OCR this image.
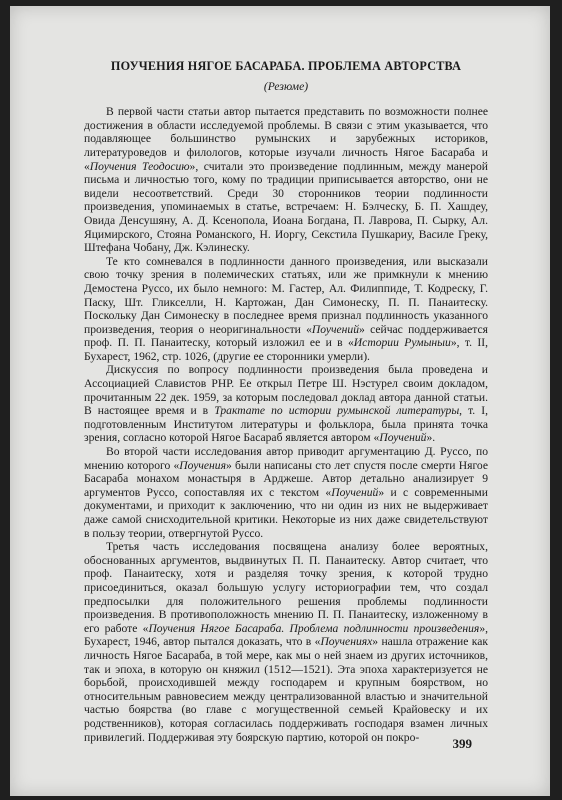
ПОУЧЕНИЯ НЯГОЕ БАСАРАБА. ПРОБЛЕМА АВТОРСТВА
(Резюме)

В первой части статьи автор пытается представить по возможности полнее достижения в области исследуемой проблемы. В связи с этим указывается, что подавляющее большинство румынских и зарубежных историков, литературоведов и филологов, которые изучали личность Нягое Басараба и «Поучения Теодосию», считали это произведение подлинным, между манерой письма и личностью того, кому по традиции приписывается авторство, они не видели несоответствий. Среди 30 сторонников теории подлинности произведения, упоминаемых в статье, встречаем: Н. Бэлческу, Б. П. Хашдеу, Овида Денсушяну, А. Д. Ксенопола, Иоана Богдана, П. Лаврова, П. Сырку, Ал. Яцимирского, Стояна Романского, Н. Иоргу, Секстила Пушкариу, Василе Греку, Штефана Чобану, Дж. Кэлинеску.

Те кто сомневался в подлинности данного произведения, или высказали свою точку зрения в полемических статьях, или же примкнули к мнению Демостена Руссо, их было немного: М. Гастер, Ал. Филиппиде, Т. Кодреску, Г. Паску, Шт. Гликселли, Н. Картожан, Дан Симонеску, П. П. Панаитеску. Поскольку Дан Симонеску в последнее время признал подлинность указанного произведения, теория о неоригинальности «Поучений» сейчас поддерживается проф. П. П. Панаитеску, который изложил ее и в «Истории Румыныи», т. II, Бухарест, 1962, стр. 1026, (другие ее сторонники умерли).

Дискуссия по вопросу подлинности произведения была проведена и Ассоциацией Славистов РНР. Ее открыл Петре Ш. Нэстурел своим докладом, прочитанным 22 дек. 1959, за которым последовал доклад автора данной статьи. В настоящее время и в Трактате по истории румынской литературы, т. I, подготовленным Институтом литературы и фольклора, была принята точка зрения, согласно которой Нягое Басараб является автором «Поучений».

Во второй части исследования автор приводит аргументацию Д. Руссо, по мнению которого «Поучения» были написаны сто лет спустя после смерти Нягое Басараба монахом монастыря в Арджеше. Автор детально анализирует 9 аргументов Руссо, сопоставляя их с текстом «Поучений» и с современными документами, и приходит к заключению, что ни один из них не выдерживает даже самой снисходительной критики. Некоторые из них даже свидетельствуют в пользу теории, отвергнутой Руссо.

Третья часть исследования посвящена анализу более вероятных, обоснованных аргументов, выдвинутых П. П. Панаитеску. Автор считает, что проф. Панаитеску, хотя и разделяя точку зрения, к которой трудно присоединиться, оказал большую услугу историографии тем, что создал предпосылки для положительного решения проблемы подлинности произведения. В противоположность мнению П. П. Панаитеску, изложенному в его работе «Поучения Нягое Басараба. Проблема подлинности произведения», Бухарест, 1946, автор пытался доказать, что в «Поучениях» нашла отражение как личность Нягое Басараба, в той мере, как мы о ней знаем из других источников, так и эпоха, в которую он княжил (1512—1521). Эта эпоха характеризуется не борьбой, происходившей между господарем и крупным боярством, но относительным равновесием между централизованной властью и значительной частью боярства (во главе с могущественной семьей Крайовеску и их родственников), которая согласилась поддерживать господаря взамен личных привилегий. Поддерживая эту боярскую партию, которой он покро-	399
